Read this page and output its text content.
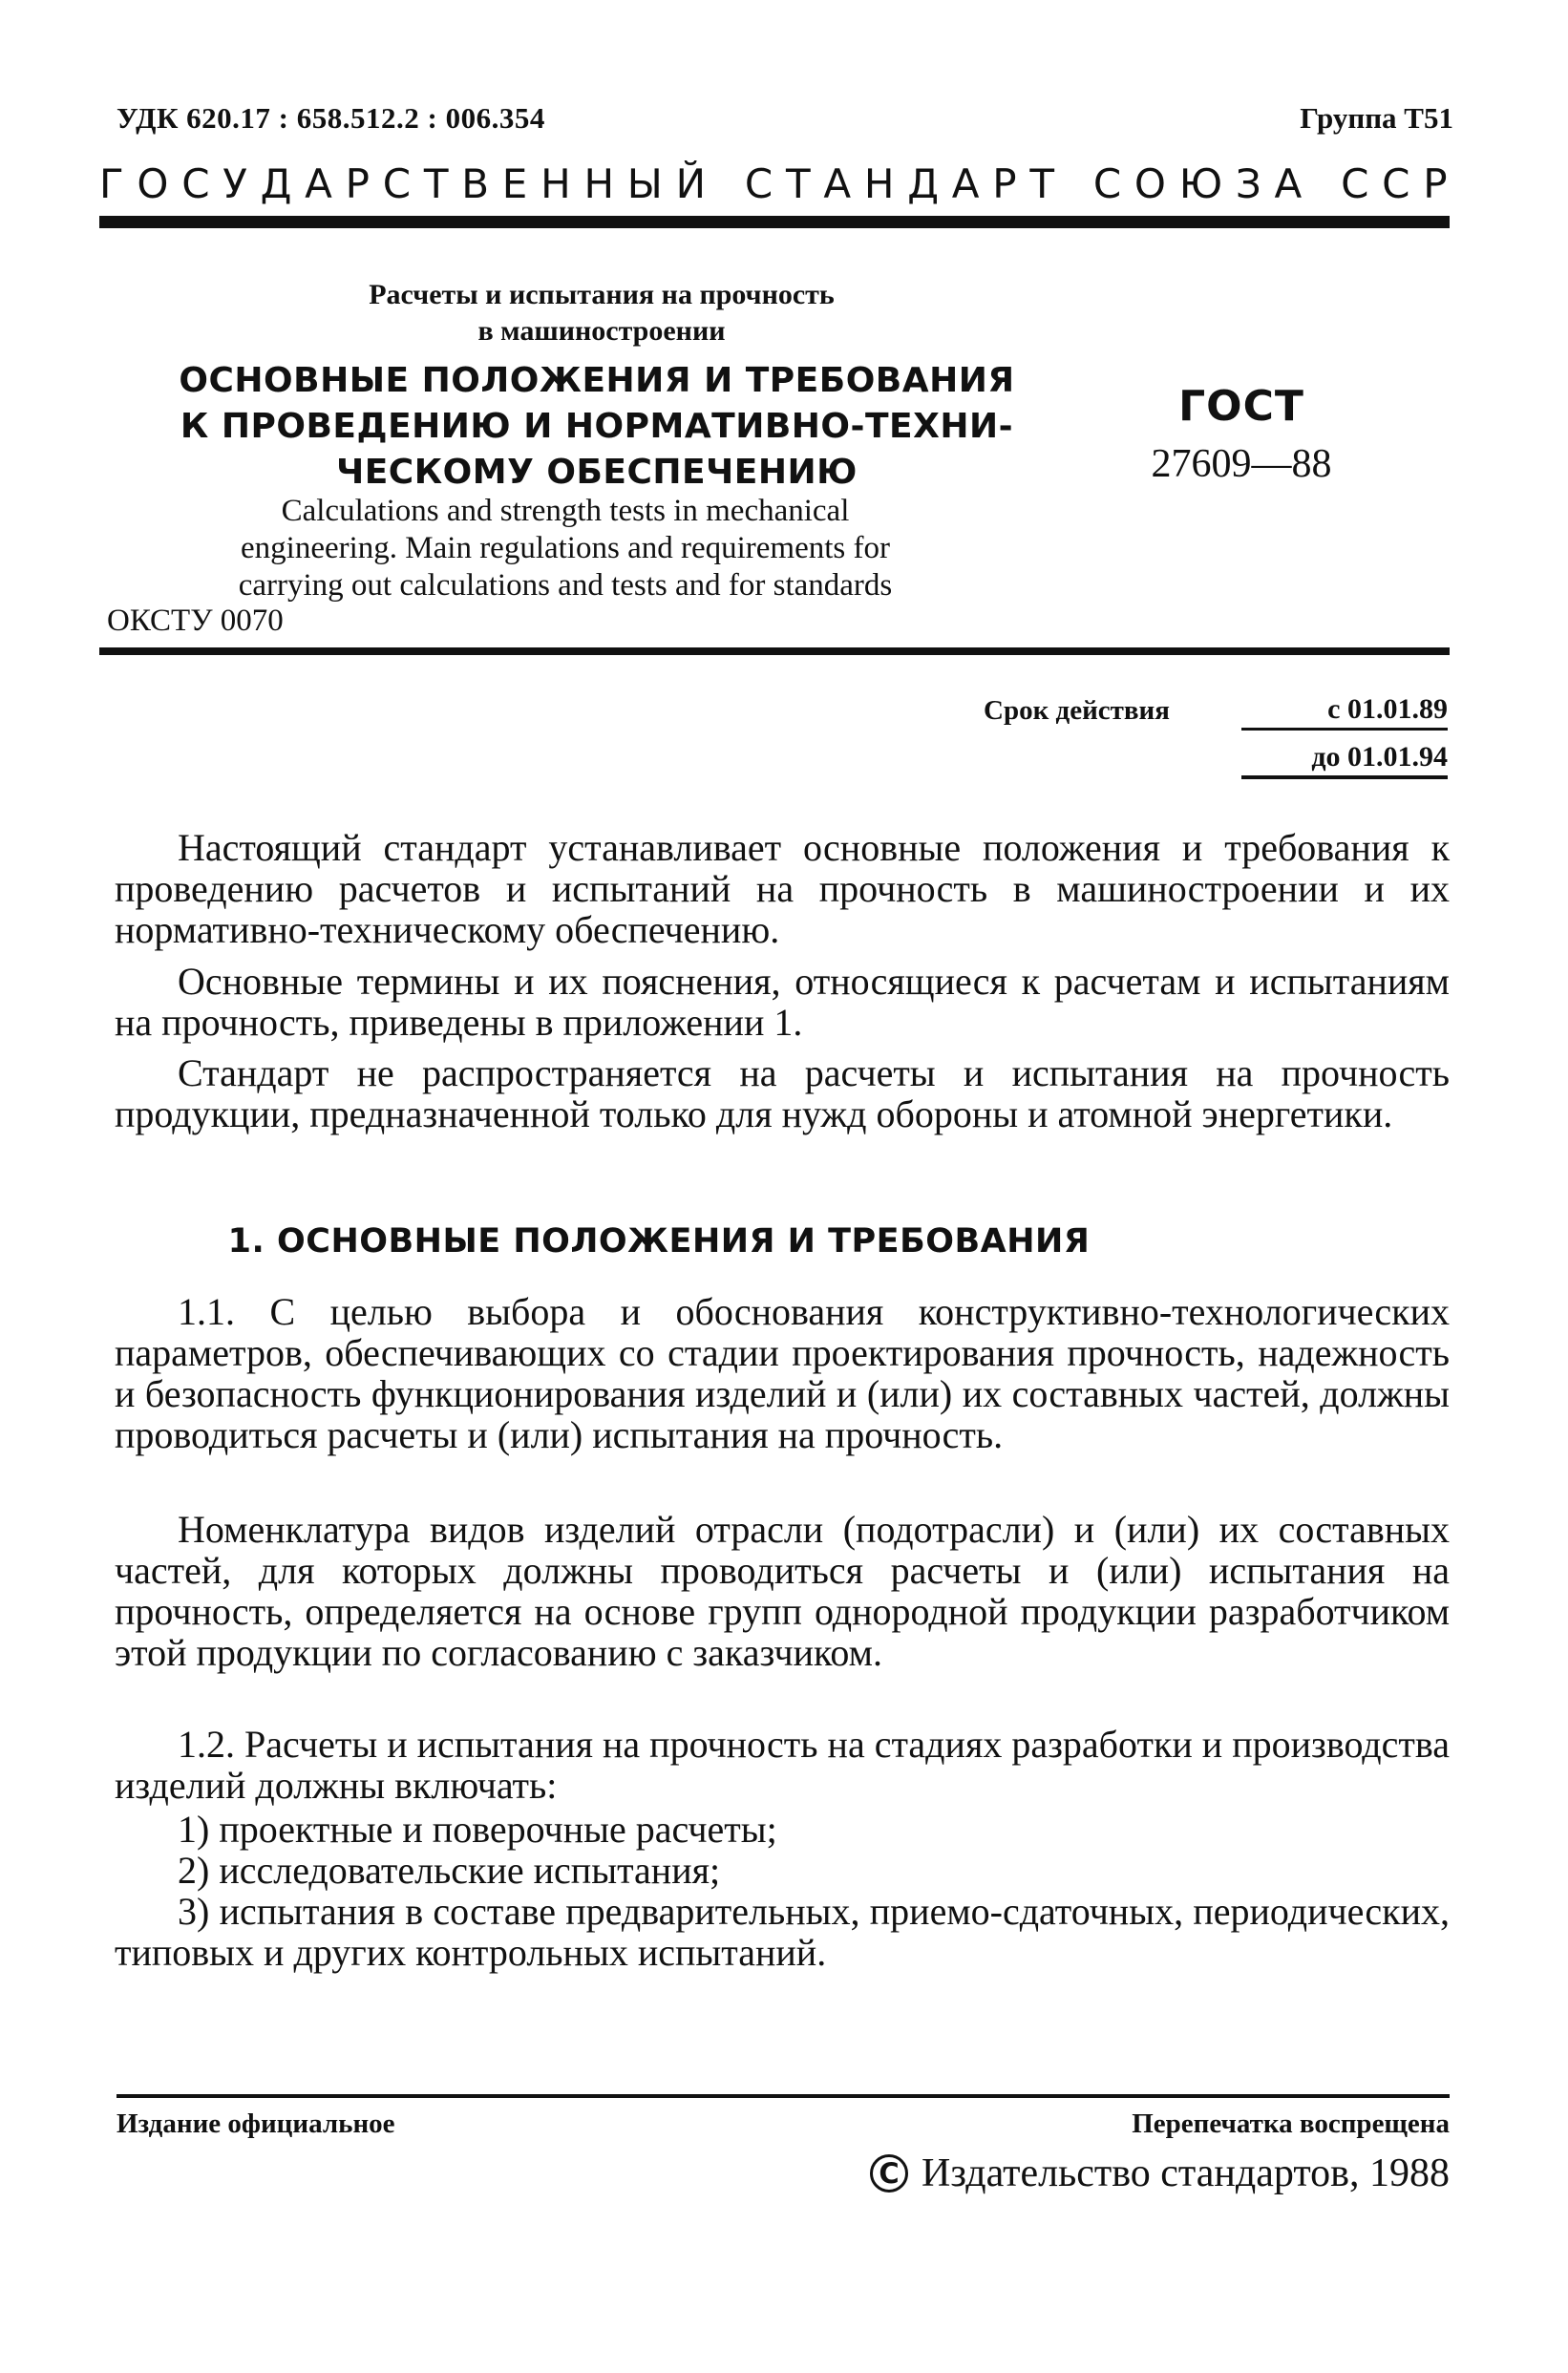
УДК 620.17 : 658.512.2 : 006.354	Группа Т51
Г О С У Д А Р С Т В Е Н Н Ы Й
С Т А Н Д А Р Т
С О Ю З А
С С Р
Расчеты и испытания на прочность
в машиностроении
ОСНОВНЫЕ ПОЛОЖЕНИЯ И ТРЕБОВАНИЯ
К ПРОВЕДЕНИЮ И НОРМАТИВНО-ТЕХНИ-
ЧЕСКОМУ ОБЕСПЕЧЕНИЮ
ГОСТ
27609—88
Calculations and strength tests in mechanical
engineering. Main regulations and requirements for
carrying out calculations and tests and for standards
ОКСТУ 0070
Срок действия	с 01.01.89
до 01.01.94
Настоящий стандарт устанавливает основные положения и требования к проведению расчетов и испытаний на прочность в машиностроении и их нормативно-техническому обеспечению.
Основные термины и их пояснения, относящиеся к расчетам и испытаниям на прочность, приведены в приложении 1.
Стандарт не распространяется на расчеты и испытания на прочность продукции, предназначенной только для нужд обороны и атомной энергетики.
1. ОСНОВНЫЕ ПОЛОЖЕНИЯ И ТРЕБОВАНИЯ
1.1. С целью выбора и обоснования конструктивно-технологических параметров, обеспечивающих со стадии проектирования прочность, надежность и безопасность функционирования изделий и (или) их составных частей, должны проводиться расчеты и (или) испытания на прочность.
Номенклатура видов изделий отрасли (подотрасли) и (или) их составных частей, для которых должны проводиться расчеты и (или) испытания на прочность, определяется на основе групп однородной продукции разработчиком этой продукции по согласованию с заказчиком.
1.2. Расчеты и испытания на прочность на стадиях разработки и производства изделий должны включать:
1) проектные и поверочные расчеты;
2) исследовательские испытания;
3) испытания в составе предварительных, приемо-сдаточных, периодических, типовых и других контрольных испытаний.
Издание официальное	Перепечатка воспрещена
C Издательство стандартов, 1988
